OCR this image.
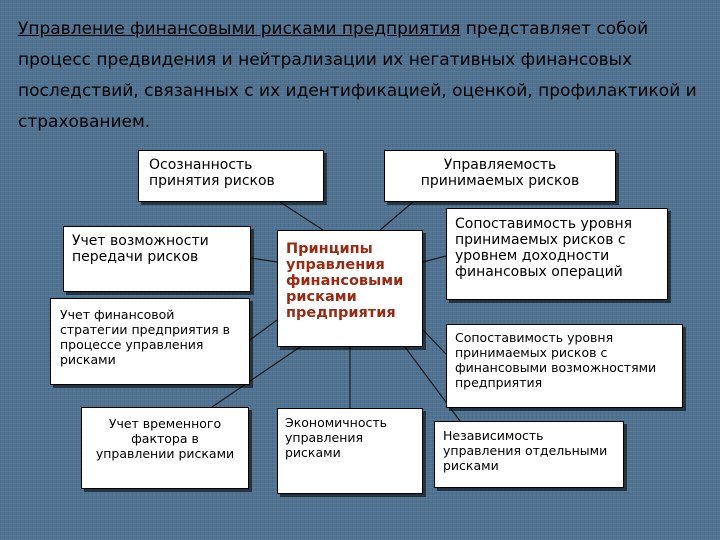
Управление финансовыми рисками предприятия представляет собой процесс предвидения и нейтрализации их негативных финансовых последствий, связанных с их идентификацией, оценкой, профилактикой и страхованием.

Осознанность принятия рисков
Управляемость принимаемых рисков
Учет возможности передачи рисков
Учет финансовой стратегии предприятия в процессе управления рисками
Учет временного фактора в управлении рисками
Экономичность управления рисками
Сопоставимость уровня принимаемых рисков с уровнем доходности финансовых операций
Сопоставимость уровня принимаемых рисков с финансовыми возможностями предприятия
Независимость управления отдельными рисками
Принципы
управления
финансовыми
рисками
предприятия
